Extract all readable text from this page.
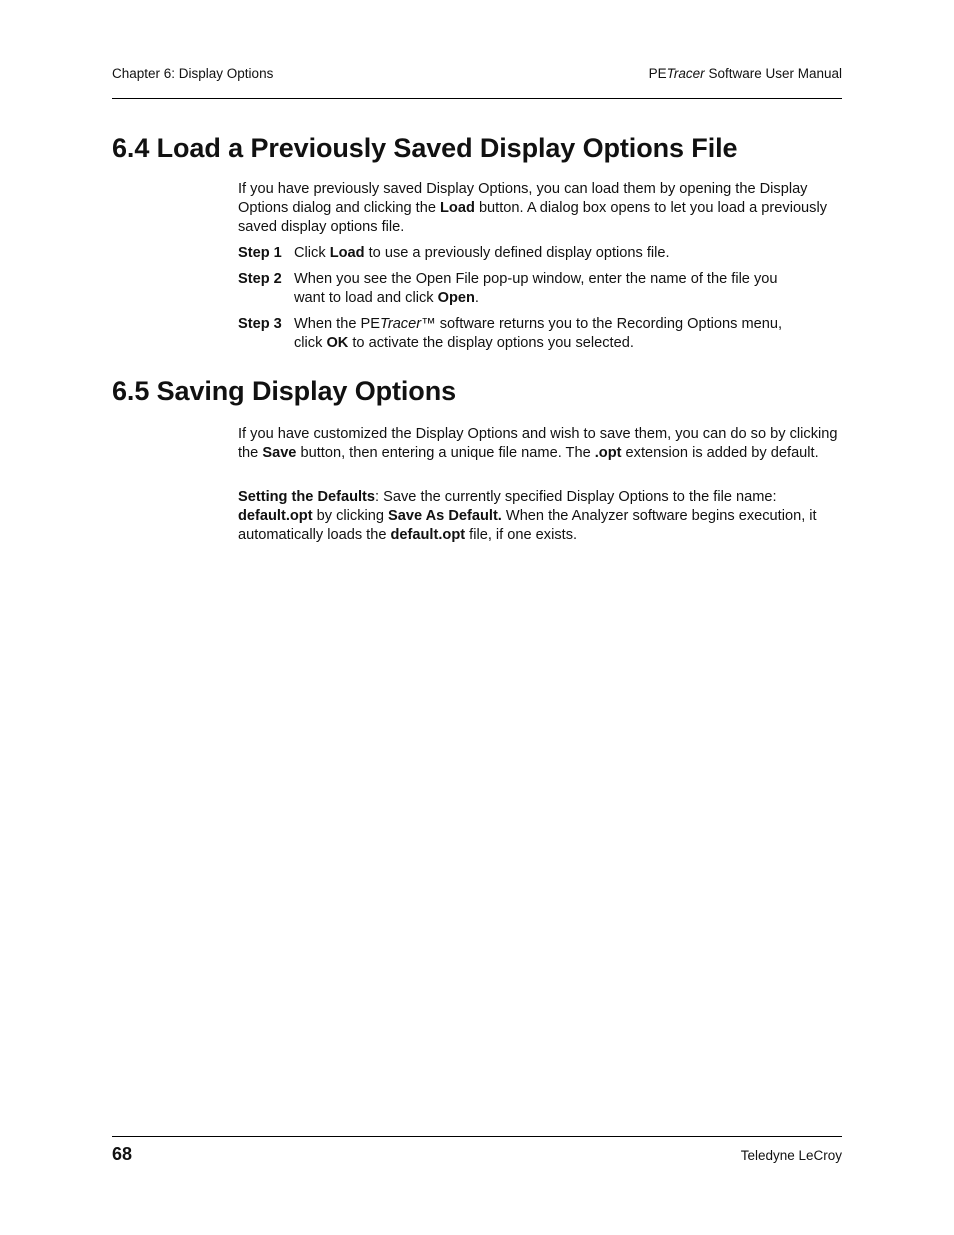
Chapter 6: Display Options	PETracer Software User Manual
6.4 Load a Previously Saved Display Options File

If you have previously saved Display Options, you can load them by opening the Display Options dialog and clicking the Load button. A dialog box opens to let you load a previously saved display options file.

Step 1 Click Load to use a previously defined display options file.
Step 2 When you see the Open File pop-up window, enter the name of the file you want to load and click Open.
Step 3 When the PETracer™ software returns you to the Recording Options menu, click OK to activate the display options you selected.
6.5 Saving Display Options

If you have customized the Display Options and wish to save them, you can do so by clicking the Save button, then entering a unique file name. The .opt extension is added by default.

Setting the Defaults: Save the currently specified Display Options to the file name: default.opt by clicking Save As Default. When the Analyzer software begins execution, it automatically loads the default.opt file, if one exists.

68	Teledyne LeCroy
